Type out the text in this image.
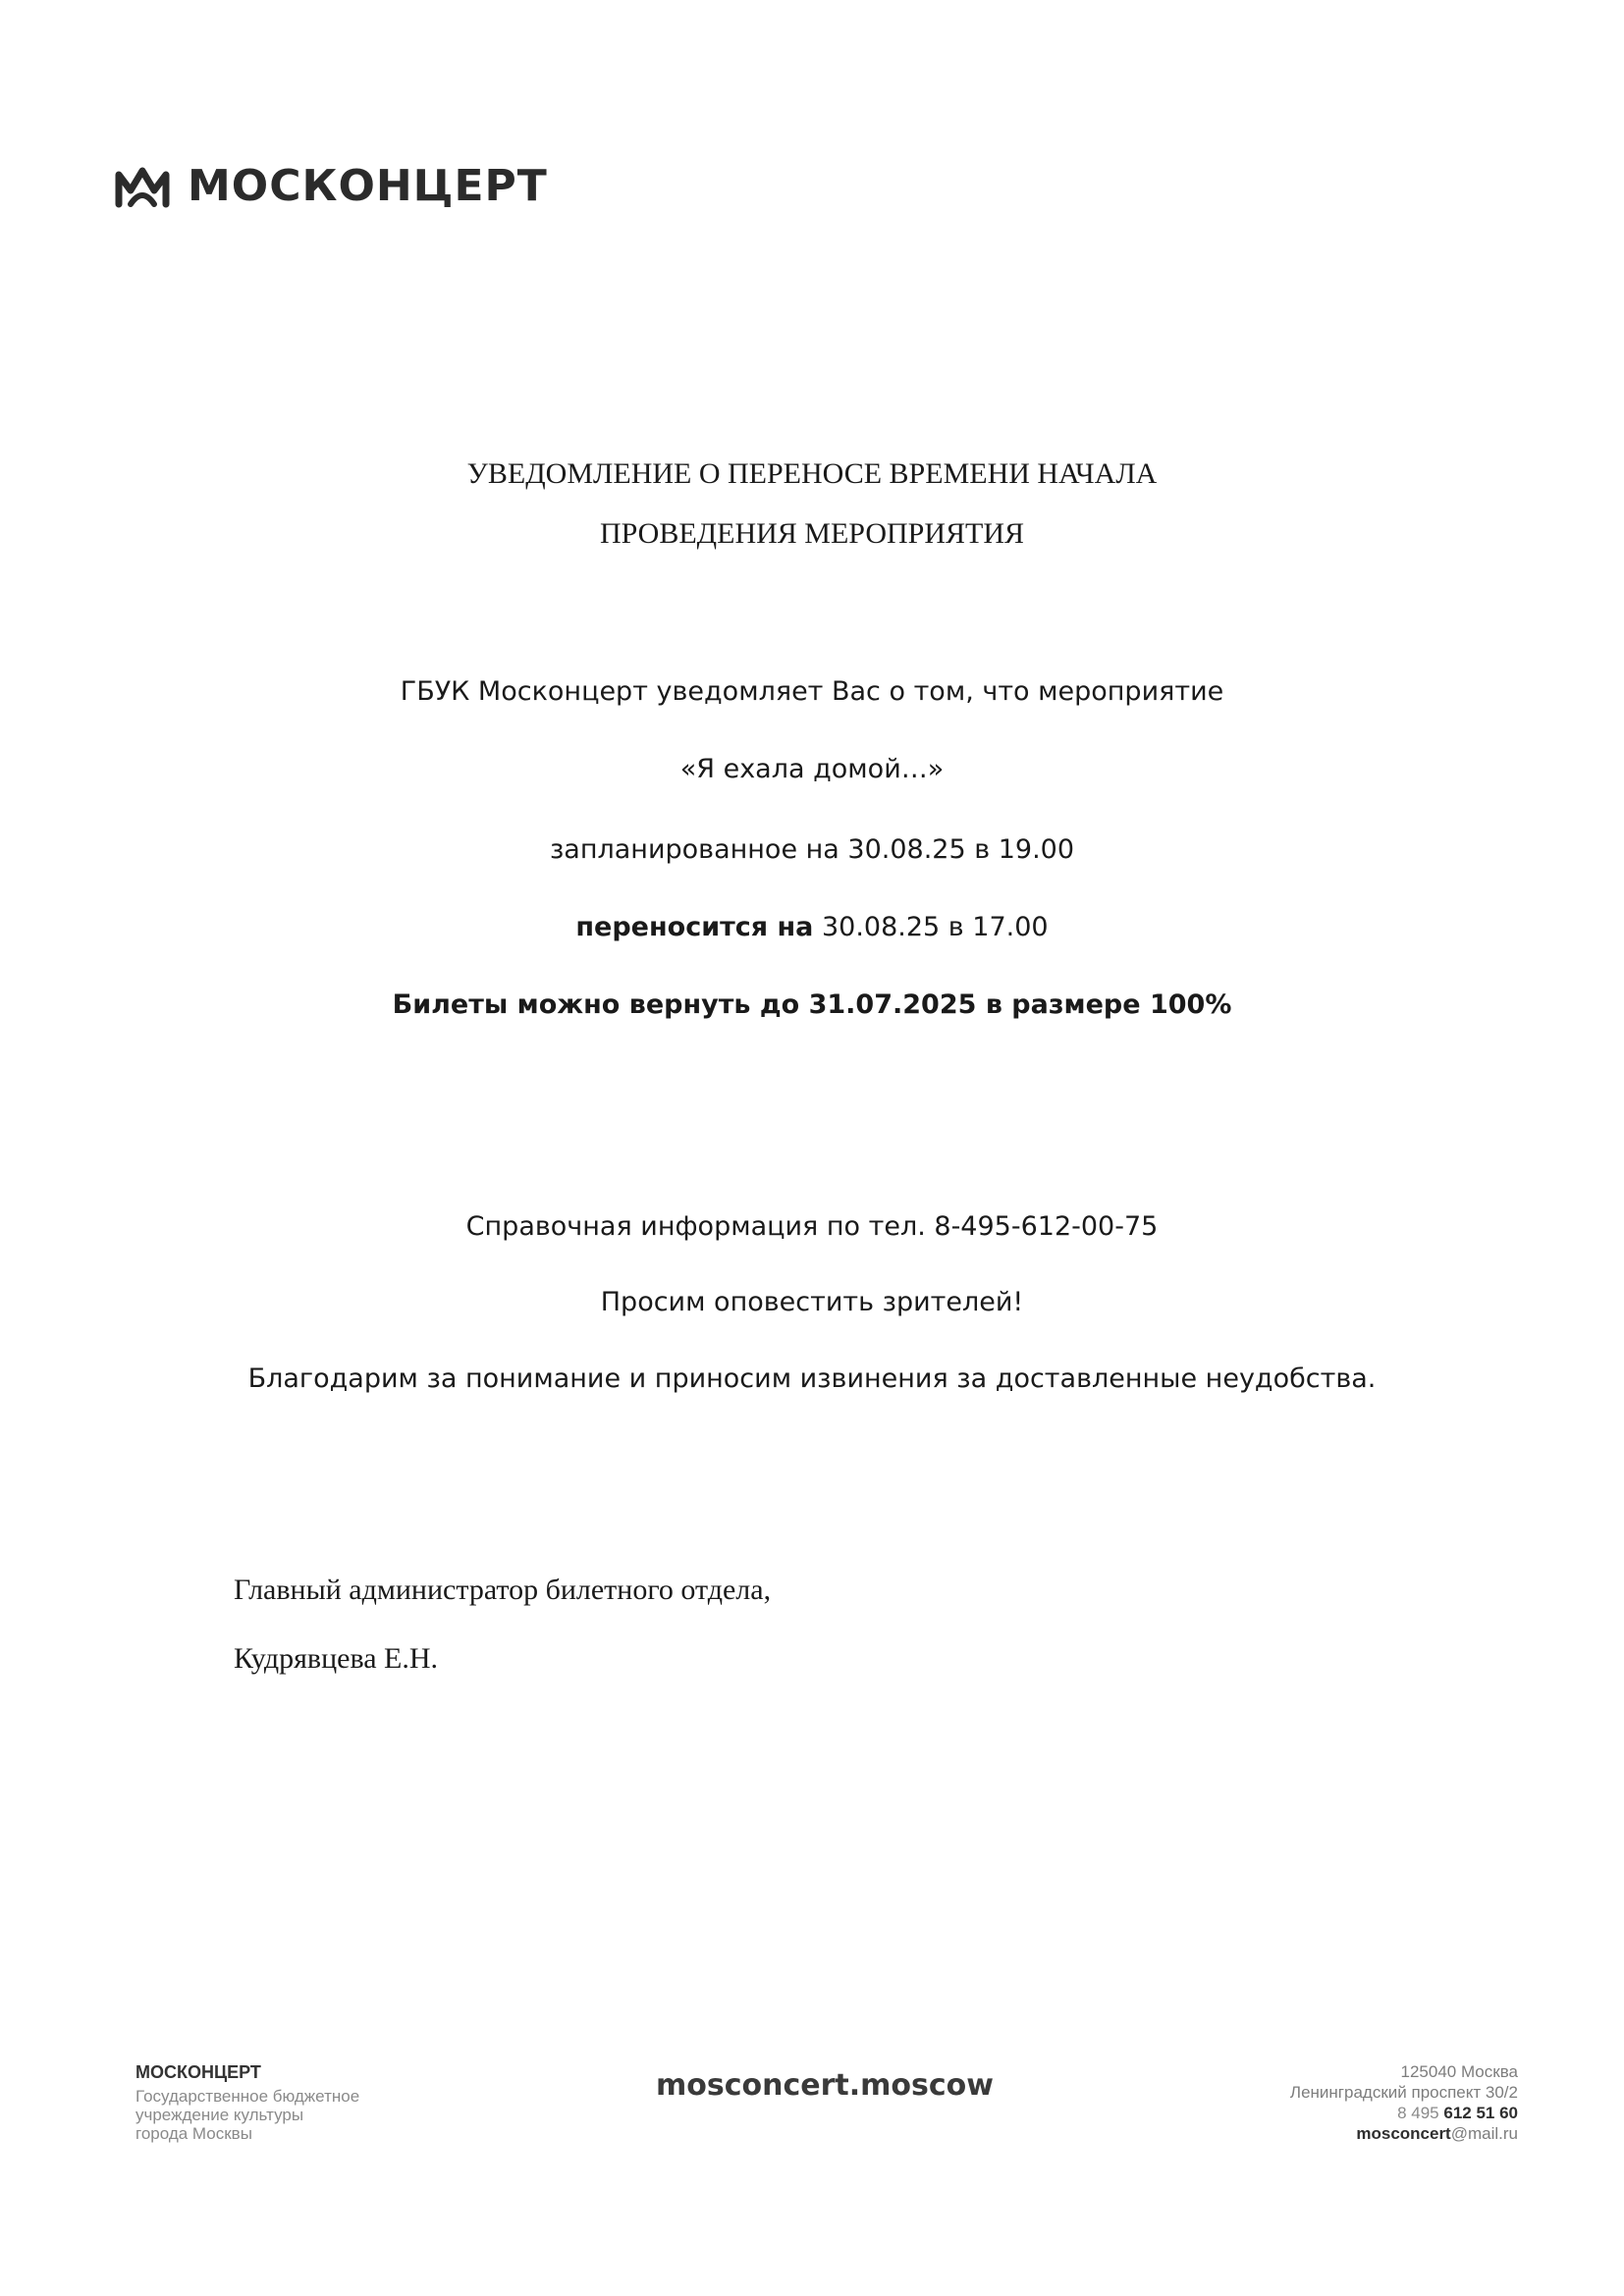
МОСКОНЦЕРТ
УВЕДОМЛЕНИЕ О ПЕРЕНОСЕ ВРЕМЕНИ НАЧАЛА
ПРОВЕДЕНИЯ МЕРОПРИЯТИЯ
ГБУК Москонцерт уведомляет Вас о том, что мероприятие
«Я ехала домой…»
запланированное на 30.08.25 в 19.00
переносится на 30.08.25 в 17.00
Билеты можно вернуть до 31.07.2025 в размере 100%
Справочная информация по тел. 8-495-612-00-75
Просим оповестить зрителей!
Благодарим за понимание и приносим извинения за доставленные неудобства.
Главный администратор билетного отдела,
Кудрявцева Е.Н.
МОСКОНЦЕРТ
Государственное бюджетное
учреждение культуры
города Москвы
mosconcert.moscow	125040 Москва
Ленинградский проспект 30/2
8 495 612 51 60
mosconcert@mail.ru
